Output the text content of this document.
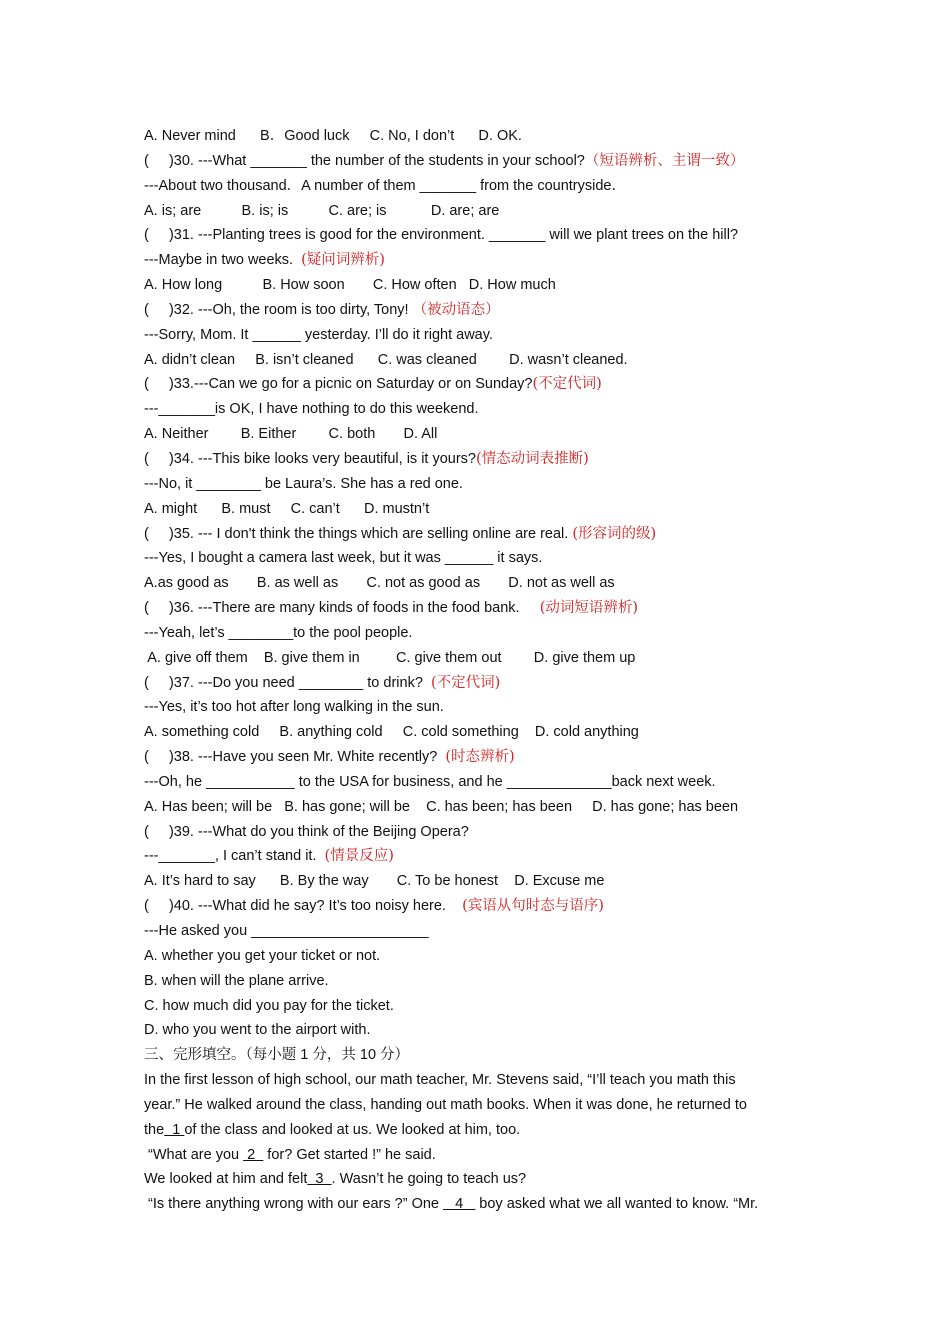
A. Never mind      B．Good luck     C. No, I don’t      D. OK.
(     )30. ---What _______ the number of the students in your school?（短语辨析、主谓一致）
---About two thousand．A number of them _______ from the countryside．
A. is; are          B. is; is          C. are; is           D. are; are
(     )31. ---Planting trees is good for the environment. _______ will we plant trees on the hill?
---Maybe in two weeks.  (疑问词辨析)
A. How long          B. How soon       C. How often   D. How much
(     )32. ---Oh, the room is too dirty, Tony! （被动语态）
---Sorry, Mom. It ______ yesterday. I’ll do it right away.
A. didn’t clean     B. isn’t cleaned      C. was cleaned        D. wasn’t cleaned.
(     )33.---Can we go for a picnic on Saturday or on Sunday?(不定代词)
---_______is OK, I have nothing to do this weekend.
A. Neither        B. Either        C. both       D. All
(     )34. ---This bike looks very beautiful, is it yours?(情态动词表推断)
---No, it ________ be Laura’s. She has a red one.
A. might      B. must     C. can’t      D. mustn’t
(     )35. --- I don't think the things which are selling online are real. (形容词的级)
---Yes, I bought a camera last week, but it was ______ it says.
A.as good as       B. as well as       C. not as good as       D. not as well as
(     )36. ---There are many kinds of foods in the food bank.     (动词短语辨析)
---Yeah, let’s ________to the pool people.
A. give off them    B. give them in         C. give them out        D. give them up
(     )37. ---Do you need ________ to drink?  (不定代词)
---Yes, it’s too hot after long walking in the sun.
A. something cold     B. anything cold     C. cold something    D. cold anything
(     )38. ---Have you seen Mr. White recently?  (时态辨析)
---Oh, he ___________ to the USA for business, and he _____________back next week.
A. Has been; will be   B. has gone; will be    C. has been; has been     D. has gone; has been
(     )39. ---What do you think of the Beijing Opera?
---_______, I can’t stand it.  (情景反应)
A. It’s hard to say      B. By the way       C. To be honest    D. Excuse me
(     )40. ---What did he say? It’s too noisy here.    (宾语从句时态与语序)
---He asked you ______________________
A. whether you get your ticket or not.
B. when will the plane arrive.
C. how much did you pay for the ticket.
D. who you went to the airport with.
三、完形填空。（每小题 1 分，共 10 分）
In the first lesson of high school, our math teacher, Mr. Stevens said, “I’ll teach you math this
year.” He walked around the class, handing out math books. When it was done, he returned to
the  1 of the class and looked at us. We looked at him, too.
“What are you  2   for? Get started !” he said.
We looked at him and felt  3  . Wasn’t he going to teach us?
“Is there anything wrong with our ears ?” One    4    boy asked what we all wanted to know. “Mr.
